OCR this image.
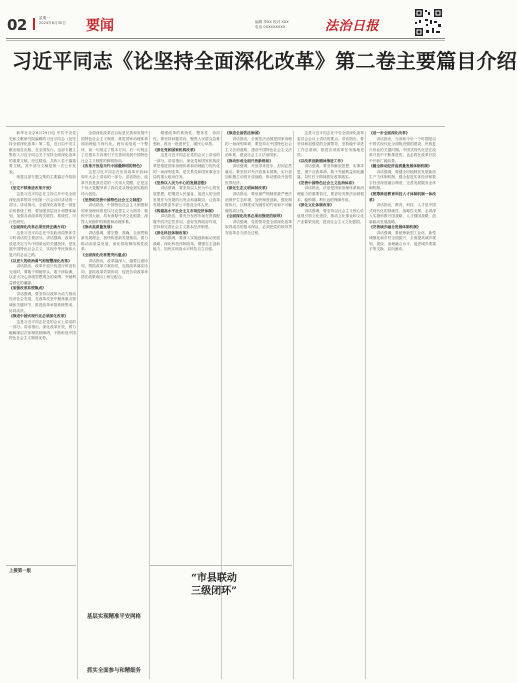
02	星期一
2024年6月30日 要闻	编辑 李XX 校对 XXX
电话 0XXXXXXXX	法治日报
习近平同志《论坚持全面深化改革》第二卷主要篇目介绍

新华社北京6月29日电 中共中央党史和文献研究院编辑的习近平同志《论坚持全面深化改革》第二卷，近日由中央文献出版社出版，在全国发行。这部专题文集收入习近平同志关于坚持全面深化改革的重要文稿，经过精选，共收入若干篇重要文稿。其中部分文稿是第一次公开发表。

现将这部专题文集的主要篇目介绍如下。

《坚定不移推进改革开放》

这是习近平同志在主持召开中央全面深化改革领导小组第一次会议时讲话的一部分。讲话指出，全面深化改革是一项复杂的系统工程，要加强顶层设计和整体谋划，加强各项改革的关联性、系统性、可行性研究。

《全面深化改革必须坚持正确方向》

这是习近平同志在中央政治局集体学习时讲话的主要部分。讲话强调，改革开放是决定当代中国命运的关键抉择，是发展中国特色社会主义、实现中华民族伟大复兴的必由之路。

《以更大的政治勇气和智慧深化改革》

讲话指出，改革开放只有进行时没有完成时，要敢于啃硬骨头，敢于涉险滩，以更大决心冲破思想观念的束缚、突破利益固化的藩篱。

《加强改革系统集成》

讲话强调，要坚持以改革为动力推动经济社会发展，在改革攻坚中聚焦重点领域和关键环节，推进改革举措系统集成、协同高效。

《推进中国式现代化必须深化改革》

这是习近平同志在党的会议上讲话的一部分。讲话指出，深化改革开放，着力破解深层次体制机制障碍，不断彰显中国特色社会主义制度优势。

全面深化改革总目标是完善和发展中国特色社会主义制度，推进国家治理体系和治理能力现代化。两句话组成一个整体，前一句规定了根本方向，后一句规定了在根本方向指引下完善和发展中国特色社会主义制度的鲜明指向。

《改革开放是当代中国最鲜明的特色》

这是习近平同志在庆祝改革开放40周年大会上讲话的一部分。讲话指出，改革开放是我们党的一次伟大觉醒，正是这个伟大觉醒孕育了我们党从理论到实践的伟大创造。

《坚持和完善中国特色社会主义制度》

讲话指出，中国特色社会主义制度和国家治理体系是以马克思主义为指导、植根中国大地、具有深厚中华文化根基、深得人民拥护的制度和治理体系。

《推动高质量发展》

讲话强调，要完整、准确、全面贯彻新发展理念，加快构建新发展格局，着力推动高质量发展，深化供给侧结构性改革。

《全面深化改革要突出重点》

讲话指出，改革越深入，越要注意协同，既抓改革方案协同，也抓改革落实协同，更抓改革效果协同，促进各项改革举措在政策取向上相互配合。

增强改革的系统性、整体性、协同性。要坚持问题导向，聚焦人民群众急难愁盼，推出一批惠民生、暖民心举措。

《深化党和国家机构改革》

这是习近平同志在党的会议上讲话的一部分。讲话指出，深化党和国家机构改革是推进国家治理体系和治理能力现代化的一场深刻变革，是关系党和国家事业全局的重大政治任务。

《坚持以人民为中心的发展思想》

讲话强调，要坚持以人民为中心的发展思想，把增进人民福祉、促进人的全面发展作为发展的出发点和落脚点，让改革发展成果更多更公平惠及全体人民。

《构建高水平社会主义市场经济体制》

讲话指出，要充分发挥市场在资源配置中的决定性作用，更好发挥政府作用，坚持和完善社会主义基本经济制度。

《深化科技体制改革》

讲话强调，要深入实施创新驱动发展战略，深化科技体制改革，增强自主创新能力，加快实现高水平科技自立自强。

《推进全面依法治国》

讲话指出，全面依法治国是国家治理的一场深刻革命，要坚持走中国特色社会主义法治道路，建设中国特色社会主义法治体系，建设社会主义法治国家。

《推动形成全面开放新格局》

讲话强调，开放带来进步，封闭必然落后。要坚持对外开放基本国策，实行更加积极主动的开放战略，推动建设开放型世界经济。

《深化生态文明体制改革》

讲话指出，要用最严格制度最严密法治保护生态环境，加快制度创新，强化制度执行，让制度成为刚性的约束和不可触碰的高压线。

《全面深化改革必须加强党的领导》

讲话强调，党的领导是全面深化改革取得成功的根本保证，必须把党的领导贯穿改革各方面全过程。

这是习近平同志在中央全面深化改革委员会会议上讲话的要点。讲话指出，要坚持和加强党的全面领导，坚持稳中求进工作总基调，推进各项改革任务落地见效。

《以改革创新精神推进工作》

讲话强调，要坚持解放思想、实事求是，勇于自我革命，敢于突破利益固化藩篱，以钉钉子精神抓好改革落实。

《完善中国特色社会主义法治体系》

讲话指出，法治是国家治理体系和治理能力的重要依托，要更好发挥法治固根本、稳预期、利长远的保障作用。

《深化文化体制改革》

讲话强调，要坚持以社会主义核心价值观引领文化建设，推动文化事业和文化产业繁荣发展，建设社会主义文化强国。

《进一步全面深化改革》

讲话指出，当前和今后一个时期是以中国式现代化全面推进强国建设、民族复兴伟业的关键时期。中国式现代化是在改革开放中不断推进的，也必将在改革开放中开辟广阔前景。

《健全推动经济高质量发展体制机制》

讲话强调，要健全因地制宜发展新质生产力体制机制，健全促进实体经济和数字经济深度融合制度，完善发展服务业体制机制。

《统筹推进教育科技人才体制机制一体改革》

讲话指出，教育、科技、人才是中国式现代化的基础性、战略性支撑，必须深入实施科教兴国战略、人才强国战略、创新驱动发展战略。

《完善城乡融合发展体制机制》

讲话强调，要统筹新型工业化、新型城镇化和乡村全面振兴，全面提高城乡规划、建设、治理融合水平，促进城乡要素平等交换、双向流动。

上接第一版
“市县联动
三级闭环”
基层实现精准平安网格
抓实全面参与和精细务
